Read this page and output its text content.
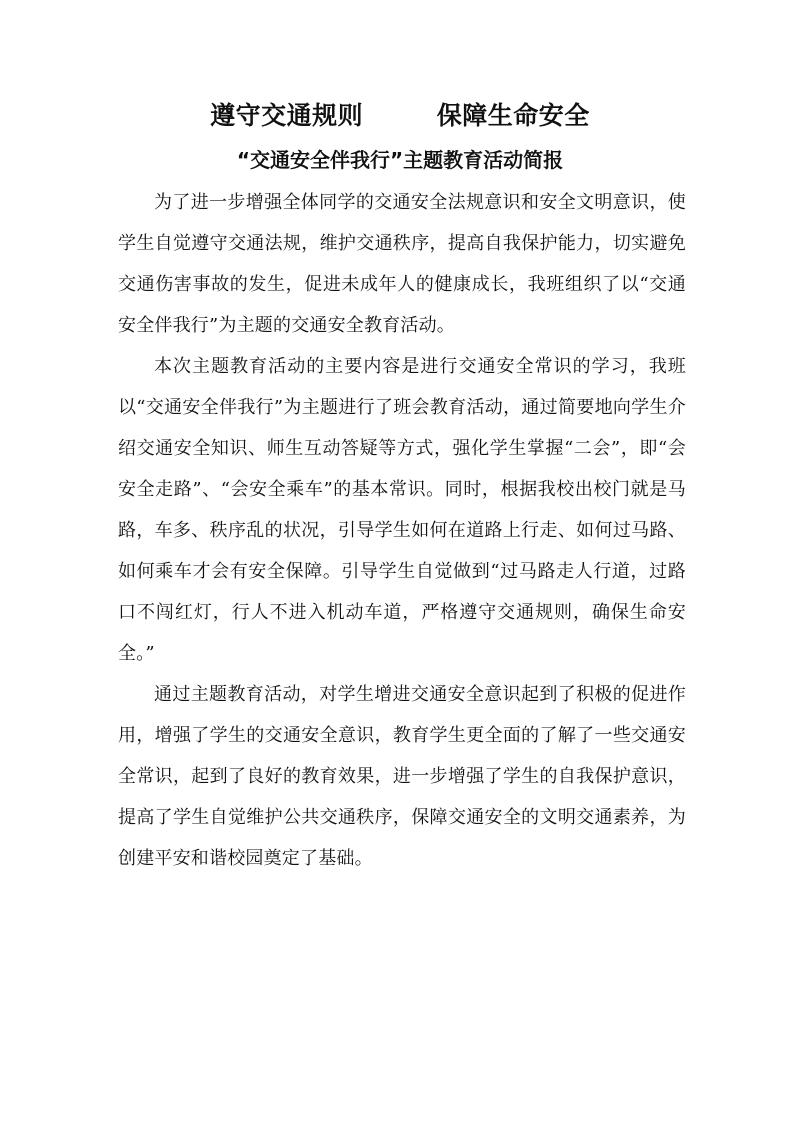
遵守交通规则        保障生命安全
“交通安全伴我行”主题教育活动简报

为了进一步增强全体同学的交通安全法规意识和安全文明意识，使学生自觉遵守交通法规，维护交通秩序，提高自我保护能力，切实避免交通伤害事故的发生，促进未成年人的健康成长，我班组织了以“交通安全伴我行”为主题的交通安全教育活动。

本次主题教育活动的主要内容是进行交通安全常识的学习，我班以“交通安全伴我行”为主题进行了班会教育活动，通过简要地向学生介绍交通安全知识、师生互动答疑等方式，强化学生掌握“二会”，即“会安全走路”、“会安全乘车”的基本常识。同时，根据我校出校门就是马路，车多、秩序乱的状况，引导学生如何在道路上行走、如何过马路、如何乘车才会有安全保障。引导学生自觉做到“过马路走人行道，过路口不闯红灯，行人不进入机动车道，严格遵守交通规则，确保生命安全。”

通过主题教育活动，对学生增进交通安全意识起到了积极的促进作用，增强了学生的交通安全意识，教育学生更全面的了解了一些交通安全常识，起到了良好的教育效果，进一步增强了学生的自我保护意识，提高了学生自觉维护公共交通秩序，保障交通安全的文明交通素养，为创建平安和谐校园奠定了基础。
